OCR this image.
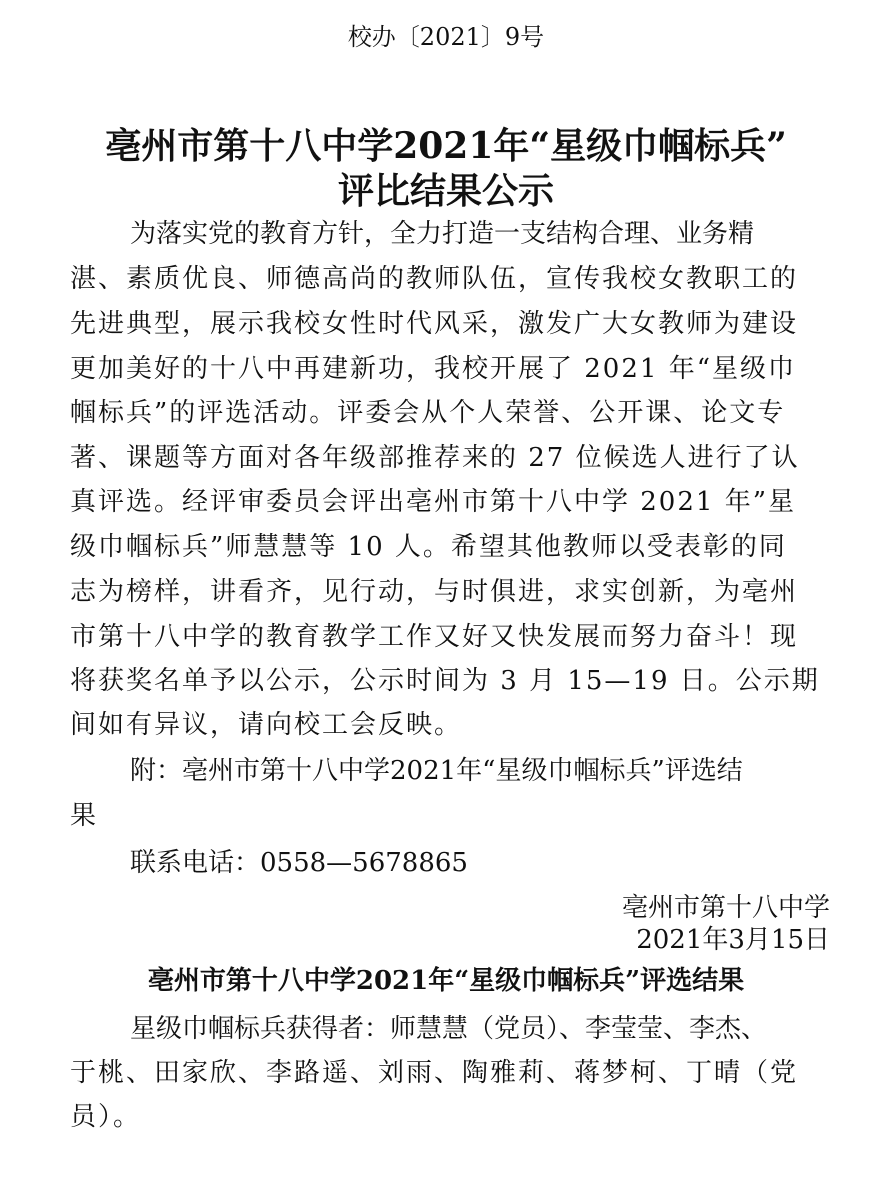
校办〔2021〕9号
亳州市第十八中学2021年“星级巾帼标兵”
评比结果公示
为落实党的教育方针，全力打造一支结构合理、业务精
湛、素质优良、师德高尚的教师队伍，宣传我校女教职工的
先进典型，展示我校女性时代风采，激发广大女教师为建设
更加美好的十八中再建新功，我校开展了 2021 年“星级巾
帼标兵”的评选活动。评委会从个人荣誉、公开课、论文专
著、课题等方面对各年级部推荐来的 27 位候选人进行了认
真评选。经评审委员会评出亳州市第十八中学 2021 年”星
级巾帼标兵”师慧慧等 10 人。希望其他教师以受表彰的同
志为榜样，讲看齐，见行动，与时俱进，求实创新，为亳州
市第十八中学的教育教学工作又好又快发展而努力奋斗！现
将获奖名单予以公示，公示时间为 3 月 15—19 日。公示期
间如有异议，请向校工会反映。
附：亳州市第十八中学2021年“星级巾帼标兵”评选结
果
联系电话：0558—5678865
亳州市第十八中学
2021年3月15日
亳州市第十八中学2021年“星级巾帼标兵”评选结果
星级巾帼标兵获得者：师慧慧（党员）、李莹莹、李杰、
于桃、田家欣、李路遥、刘雨、陶雅莉、蒋梦柯、丁晴（党
员）。
